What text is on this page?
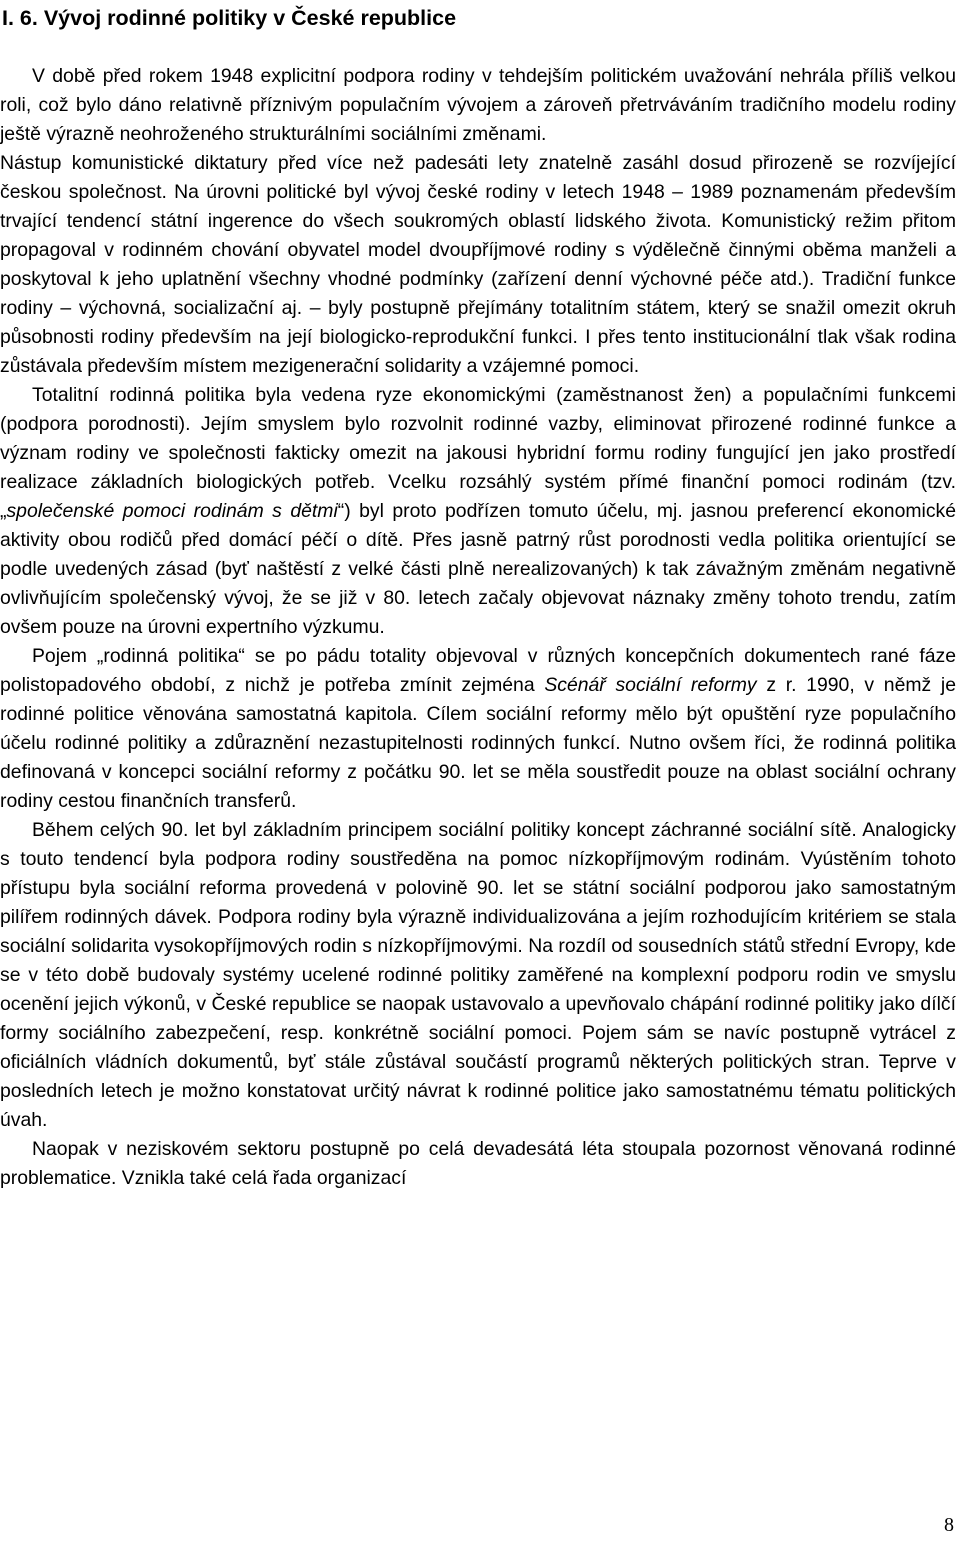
I. 6. Vývoj rodinné politiky v České republice

V době před rokem 1948 explicitní podpora rodiny v tehdejším politickém uvažování nehrála příliš velkou roli, což bylo dáno relativně příznivým populačním vývojem a zároveň přetrváváním tradičního modelu rodiny ještě výrazně neohroženého strukturálními sociálními změnami.

Nástup komunistické diktatury před více než padesáti lety znatelně zasáhl dosud přirozeně se rozvíjející českou společnost. Na úrovni politické byl vývoj české rodiny v letech 1948 – 1989 poznamenám především trvající tendencí státní ingerence do všech soukromých oblastí lidského života. Komunistický režim přitom propagoval v rodinném chování obyvatel model dvoupříjmové rodiny s výdělečně činnými oběma manželi a poskytoval k jeho uplatnění všechny vhodné podmínky (zařízení denní výchovné péče atd.). Tradiční funkce rodiny – výchovná, socializační aj. – byly postupně přejímány totalitním státem, který se snažil omezit okruh působnosti rodiny především na její biologicko-reprodukční funkci. I přes tento institucionální tlak však rodina zůstávala především místem mezigenerační solidarity a vzájemné pomoci.

Totalitní rodinná politika byla vedena ryze ekonomickými (zaměstnanost žen) a populačními funkcemi (podpora porodnosti). Jejím smyslem bylo rozvolnit rodinné vazby, eliminovat přirozené rodinné funkce a význam rodiny ve společnosti fakticky omezit na jakousi hybridní formu rodiny fungující jen jako prostředí realizace základních biologických potřeb. Vcelku rozsáhlý systém přímé finanční pomoci rodinám (tzv. „společenské pomoci rodinám s dětmi“) byl proto podřízen tomuto účelu, mj. jasnou preferencí ekonomické aktivity obou rodičů před domácí péčí o dítě. Přes jasně patrný růst porodnosti vedla politika orientující se podle uvedených zásad (byť naštěstí z velké části plně nerealizovaných) k tak závažným změnám negativně ovlivňujícím společenský vývoj, že se již v 80. letech začaly objevovat náznaky změny tohoto trendu, zatím ovšem pouze na úrovni expertního výzkumu.

Pojem „rodinná politika“ se po pádu totality objevoval v různých koncepčních dokumentech rané fáze polistopadového období, z nichž je potřeba zmínit zejména Scénář sociální reformy z r. 1990, v němž je rodinné politice věnována samostatná kapitola. Cílem sociální reformy mělo být opuštění ryze populačního účelu rodinné politiky a zdůraznění nezastupitelnosti rodinných funkcí. Nutno ovšem říci, že rodinná politika definovaná v koncepci sociální reformy z počátku 90. let se měla soustředit pouze na oblast sociální ochrany rodiny cestou finančních transferů.

Během celých 90. let byl základním principem sociální politiky koncept záchranné sociální sítě. Analogicky s touto tendencí byla podpora rodiny soustředěna na pomoc nízkopříjmovým rodinám. Vyústěním tohoto přístupu byla sociální reforma provedená v polovině 90. let se státní sociální podporou jako samostatným pilířem rodinných dávek. Podpora rodiny byla výrazně individualizována a jejím rozhodujícím kritériem se stala sociální solidarita vysokopříjmových rodin s nízkopříjmovými. Na rozdíl od sousedních států střední Evropy, kde se v této době budovaly systémy ucelené rodinné politiky zaměřené na komplexní podporu rodin ve smyslu ocenění jejich výkonů, v České republice se naopak ustavovalo a upevňovalo chápání rodinné politiky jako dílčí formy sociálního zabezpečení, resp. konkrétně sociální pomoci. Pojem sám se navíc postupně vytrácel z oficiálních vládních dokumentů, byť stále zůstával součástí programů některých politických stran. Teprve v posledních letech je možno konstatovat určitý návrat k rodinné politice jako samostatnému tématu politických úvah.

Naopak v neziskovém sektoru postupně po celá devadesátá léta stoupala pozornost věnovaná rodinné problematice. Vznikla také celá řada organizací

8
